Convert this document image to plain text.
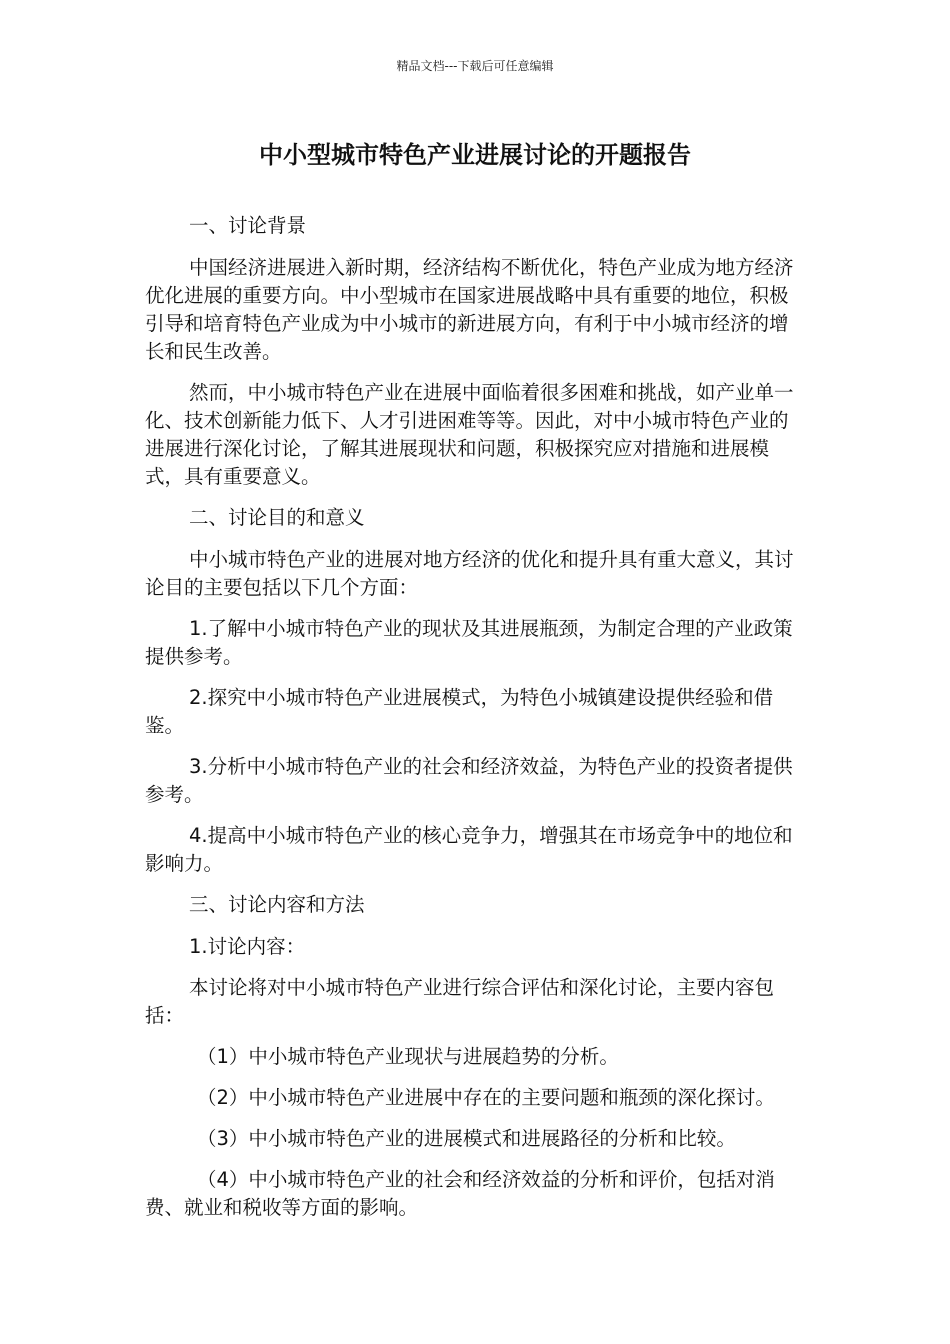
精品文档---下载后可任意编辑
中小型城市特色产业进展讨论的开题报告

一、讨论背景

中国经济进展进入新时期，经济结构不断优化，特色产业成为地方经济优化进展的重要方向。中小型城市在国家进展战略中具有重要的地位，积极引导和培育特色产业成为中小城市的新进展方向，有利于中小城市经济的增长和民生改善。

然而，中小城市特色产业在进展中面临着很多困难和挑战，如产业单一化、技术创新能力低下、人才引进困难等等。因此，对中小城市特色产业的进展进行深化讨论，了解其进展现状和问题，积极探究应对措施和进展模式，具有重要意义。

二、讨论目的和意义

中小城市特色产业的进展对地方经济的优化和提升具有重大意义，其讨论目的主要包括以下几个方面：

1.了解中小城市特色产业的现状及其进展瓶颈，为制定合理的产业政策提供参考。

2.探究中小城市特色产业进展模式，为特色小城镇建设提供经验和借鉴。

3.分析中小城市特色产业的社会和经济效益，为特色产业的投资者提供参考。

4.提高中小城市特色产业的核心竞争力，增强其在市场竞争中的地位和影响力。

三、讨论内容和方法

1.讨论内容：

本讨论将对中小城市特色产业进行综合评估和深化讨论，主要内容包括：

（1）中小城市特色产业现状与进展趋势的分析。

（2）中小城市特色产业进展中存在的主要问题和瓶颈的深化探讨。

（3）中小城市特色产业的进展模式和进展路径的分析和比较。

（4）中小城市特色产业的社会和经济效益的分析和评价，包括对消费、就业和税收等方面的影响。
